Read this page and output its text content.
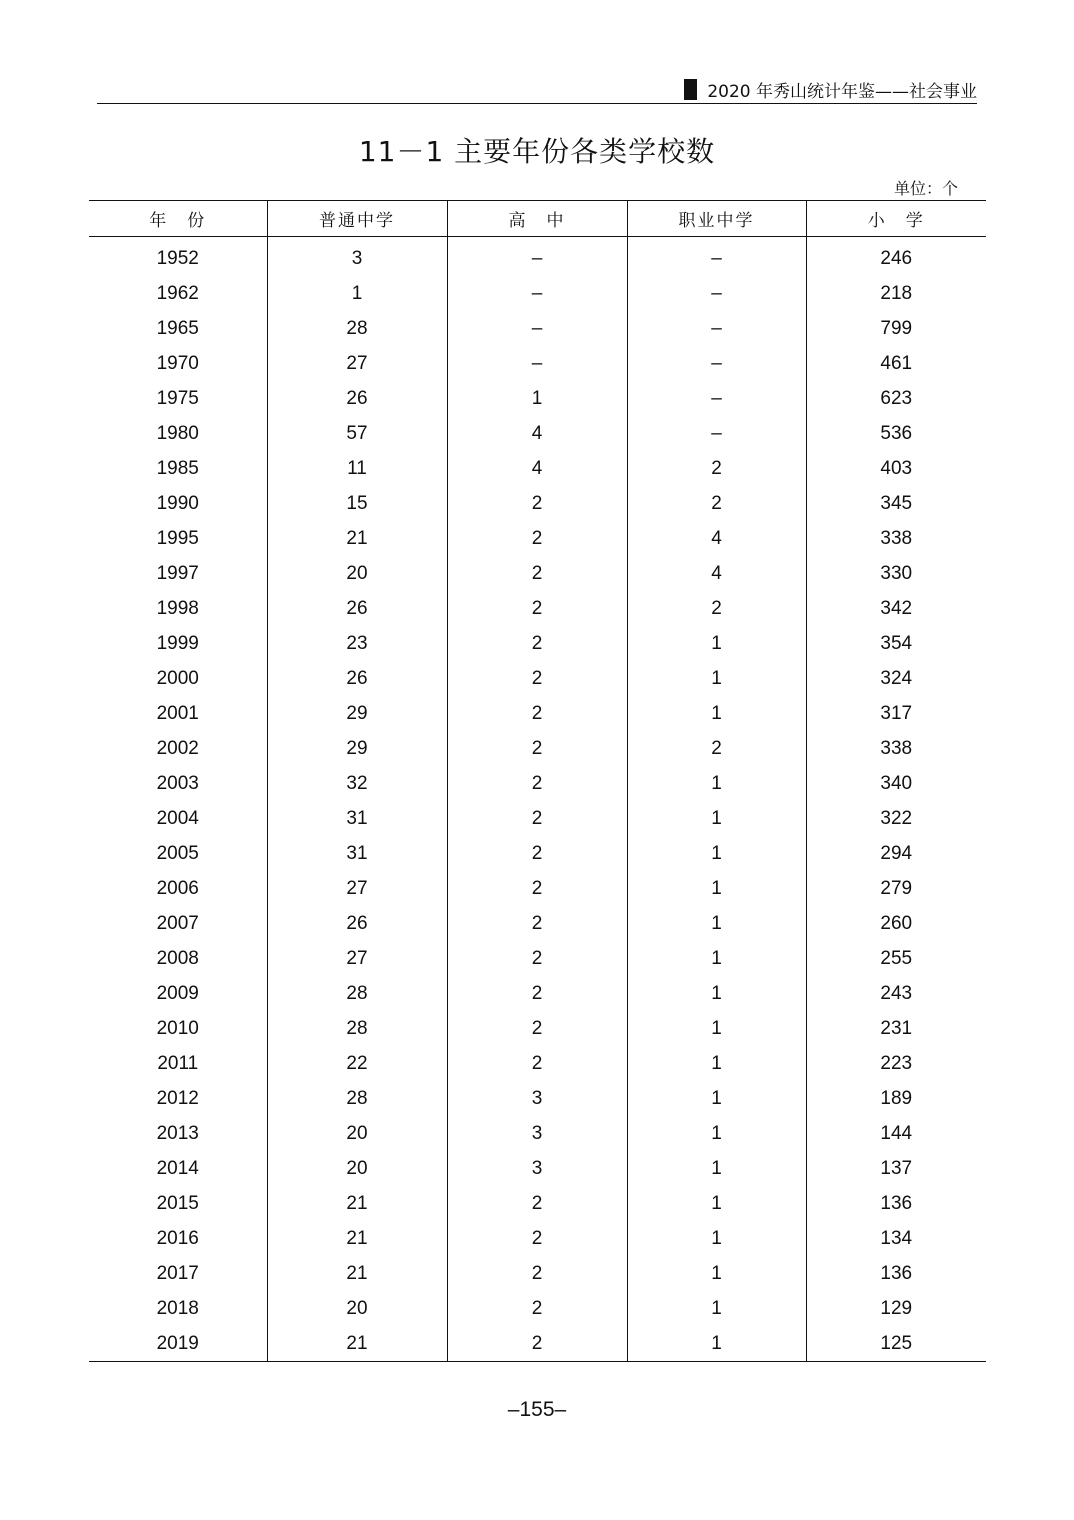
2020 年秀山统计年鉴——社会事业
11－1 主要年份各类学校数
单位：个
年　份	普通中学	高　中	职业中学	小　学
1952	3	–	–	246
1962	1	–	–	218
1965	28	–	–	799
1970	27	–	–	461
1975	26	1	–	623
1980	57	4	–	536
1985	11	4	2	403
1990	15	2	2	345
1995	21	2	4	338
1997	20	2	4	330
1998	26	2	2	342
1999	23	2	1	354
2000	26	2	1	324
2001	29	2	1	317
2002	29	2	2	338
2003	32	2	1	340
2004	31	2	1	322
2005	31	2	1	294
2006	27	2	1	279
2007	26	2	1	260
2008	27	2	1	255
2009	28	2	1	243
2010	28	2	1	231
2011	22	2	1	223
2012	28	3	1	189
2013	20	3	1	144
2014	20	3	1	137
2015	21	2	1	136
2016	21	2	1	134
2017	21	2	1	136
2018	20	2	1	129
2019	21	2	1	125
–155–
